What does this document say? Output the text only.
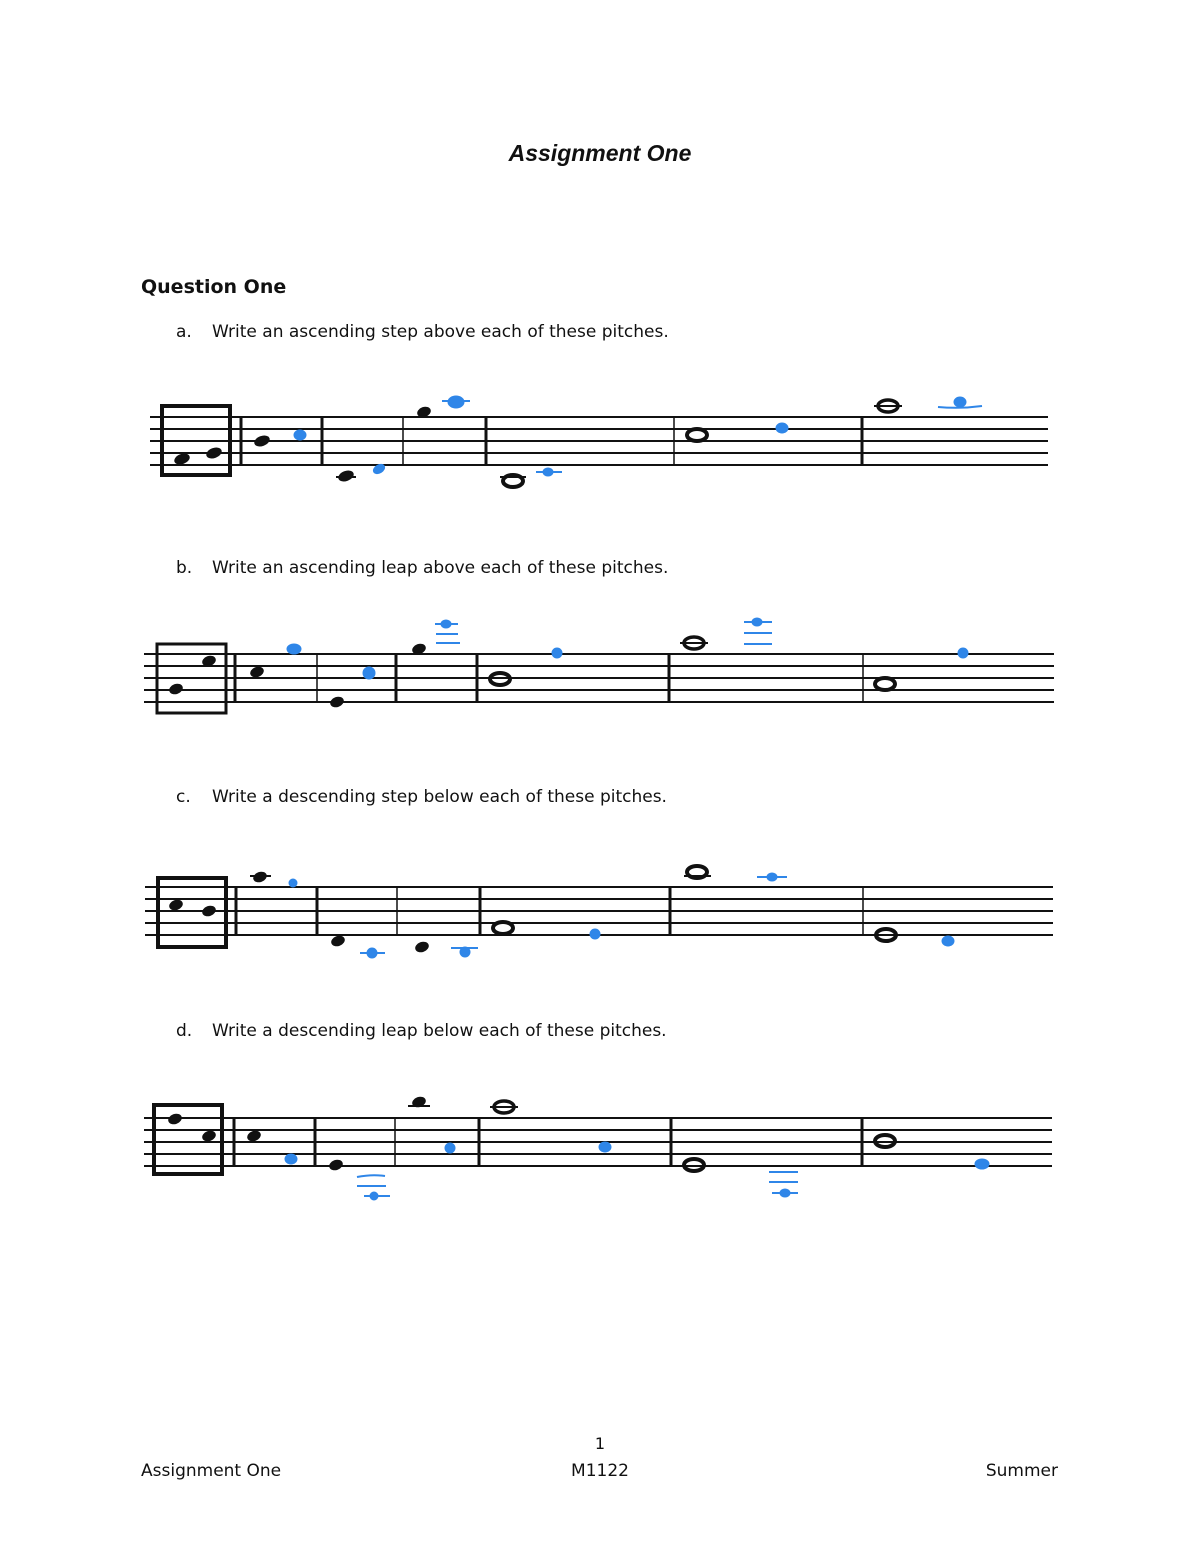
Assignment One
Question One
a. Write an ascending step above each of these pitches.
b. Write an ascending leap above each of these pitches.
c. Write a descending step below each of these pitches.
d. Write a descending leap below each of these pitches.
1
Assignment One	M1122	Summer
